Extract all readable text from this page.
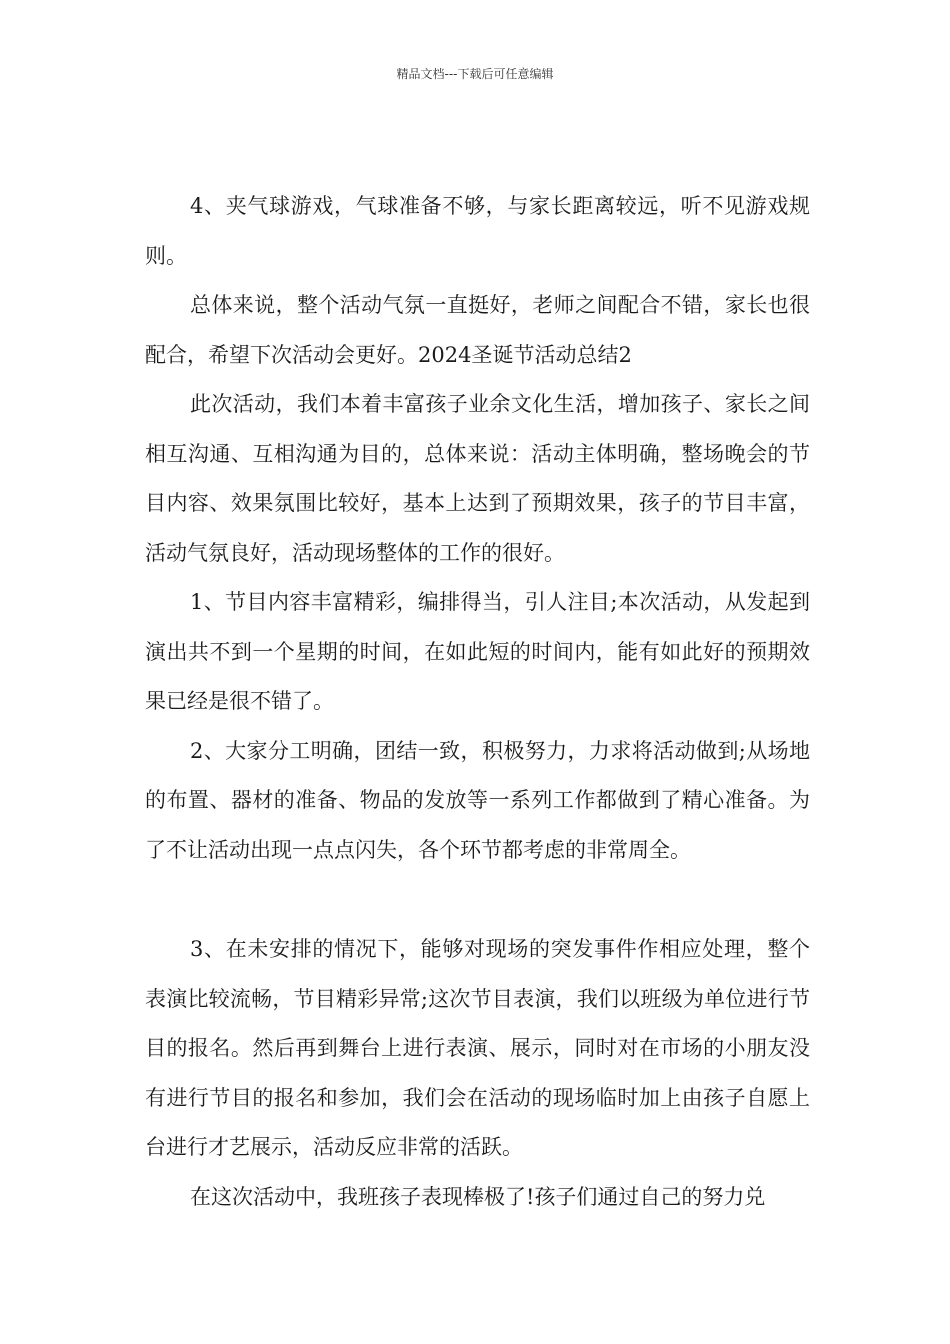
精品文档---下载后可任意编辑

4、夹气球游戏，气球准备不够，与家长距离较远，听不见游戏规则。

总体来说，整个活动气氛一直挺好，老师之间配合不错，家长也很配合，希望下次活动会更好。2024圣诞节活动总结2

此次活动，我们本着丰富孩子业余文化生活，增加孩子、家长之间相互沟通、互相沟通为目的，总体来说：活动主体明确，整场晚会的节目内容、效果氛围比较好，基本上达到了预期效果，孩子的节目丰富，活动气氛良好，活动现场整体的工作的很好。

1、节目内容丰富精彩，编排得当，引人注目;本次活动，从发起到演出共不到一个星期的时间，在如此短的时间内，能有如此好的预期效果已经是很不错了。

2、大家分工明确，团结一致，积极努力，力求将活动做到;从场地的布置、器材的准备、物品的发放等一系列工作都做到了精心准备。为了不让活动出现一点点闪失，各个环节都考虑的非常周全。

3、在未安排的情况下，能够对现场的突发事件作相应处理，整个表演比较流畅，节目精彩异常;这次节目表演，我们以班级为单位进行节目的报名。然后再到舞台上进行表演、展示，同时对在市场的小朋友没有进行节目的报名和参加，我们会在活动的现场临时加上由孩子自愿上台进行才艺展示，活动反应非常的活跃。

在这次活动中，我班孩子表现棒极了!孩子们通过自己的努力兑
